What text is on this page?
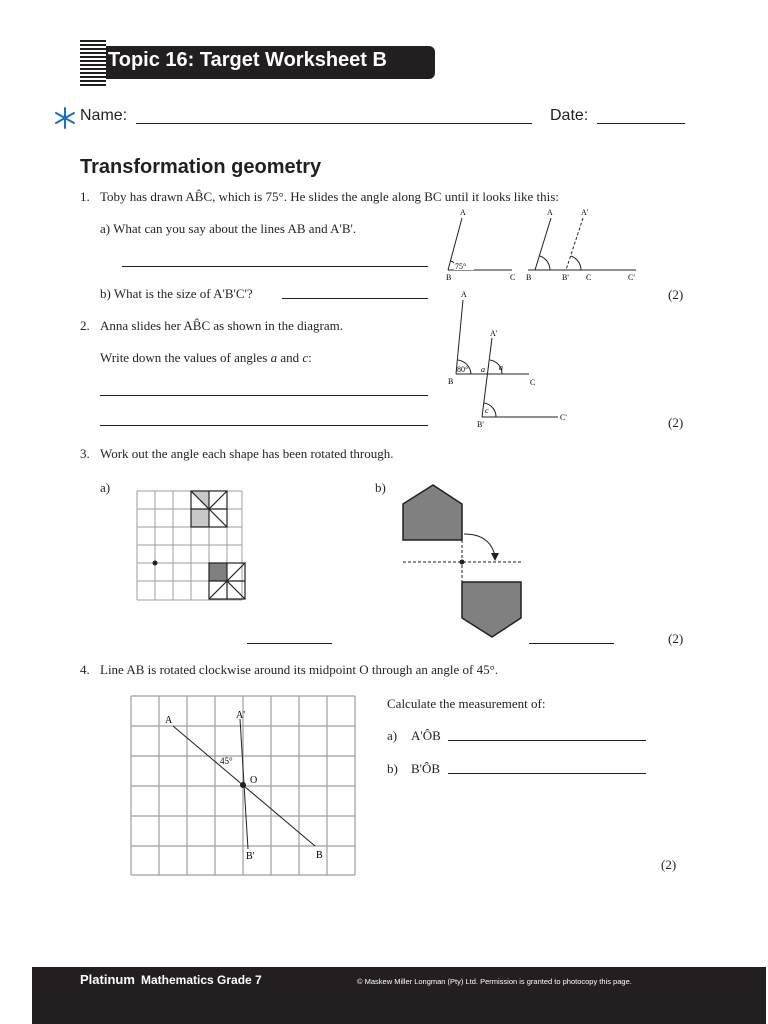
Topic 16: Target Worksheet B
Name:	Date:
Transformation geometry
1. Toby has drawn AB̂C, which is 75°. He slides the angle along BC until it looks like this:
a) What can you say about the lines AB and A'B'.
b) What is the size of A'B'C'?	(2)
75°
A
B	C
A
B
A'
B' C	C'
2. Anna slides her AB̂C as shown in the diagram.
Write down the values of angles a and c:
(2)
A
A'
B	C
B'
C'
80° a a
c
3. Work out the angle each shape has been rotated through.
a)	b)
(2)
4. Line AB is rotated clockwise around its midpoint O through an angle of 45°.
A	A'
O
45°
B'	B
Calculate the measurement of:
a) A'ÔB
b) B'ÔB
(2)
Platinum Mathematics Grade 7	© Maskew Miller Longman (Pty) Ltd. Permission is granted to photocopy this page.
